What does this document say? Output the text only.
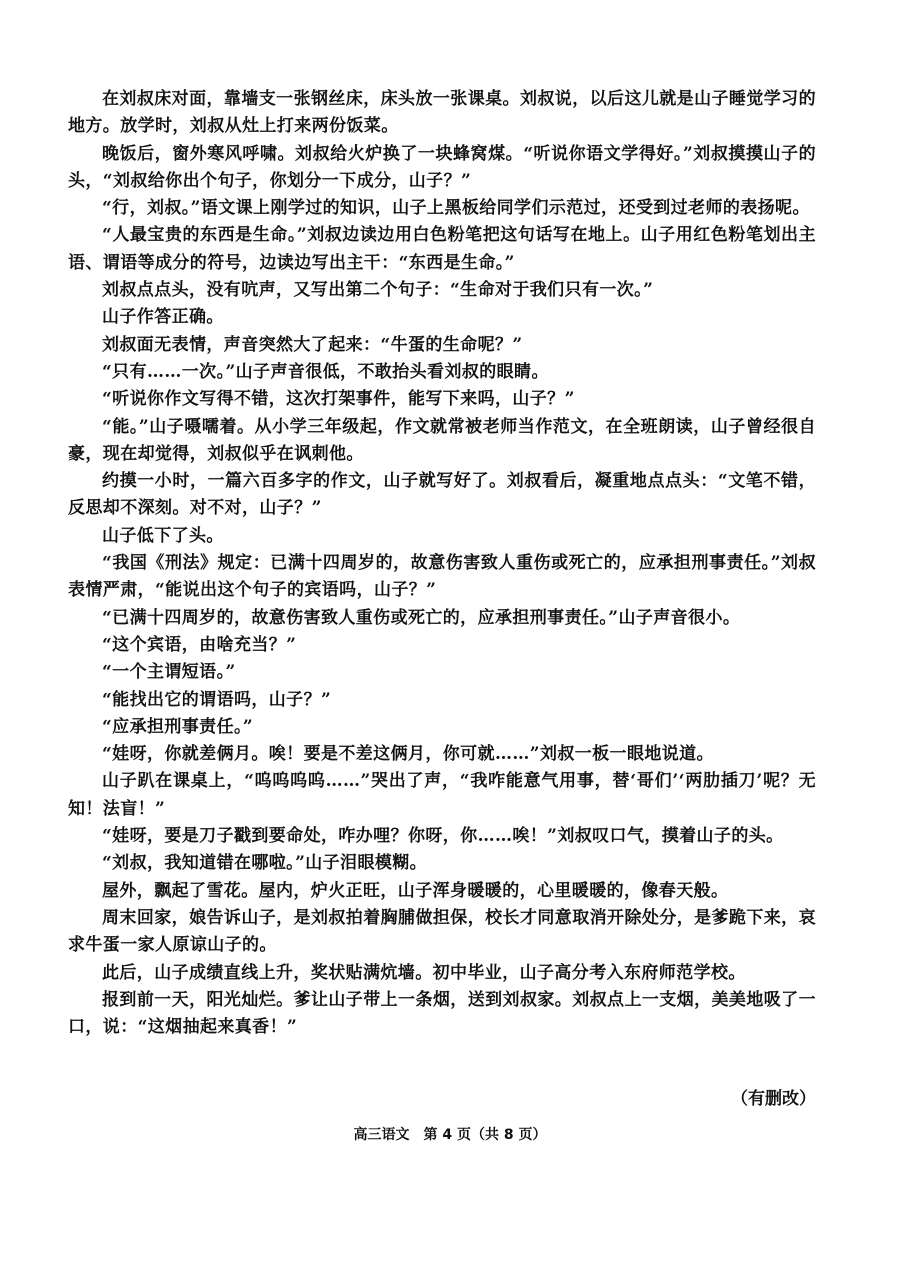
在刘叔床对面，靠墙支一张钢丝床，床头放一张课桌。刘叔说，以后这儿就是山子睡觉学习的地方。放学时，刘叔从灶上打来两份饭菜。

晚饭后，窗外寒风呼啸。刘叔给火炉换了一块蜂窝煤。“听说你语文学得好。”刘叔摸摸山子的头，“刘叔给你出个句子，你划分一下成分，山子？”

“行，刘叔。”语文课上刚学过的知识，山子上黑板给同学们示范过，还受到过老师的表扬呢。

“人最宝贵的东西是生命。”刘叔边读边用白色粉笔把这句话写在地上。山子用红色粉笔划出主语、谓语等成分的符号，边读边写出主干：“东西是生命。”

刘叔点点头，没有吭声，又写出第二个句子：“生命对于我们只有一次。”

山子作答正确。

刘叔面无表情，声音突然大了起来：“牛蛋的生命呢？”

“只有……一次。”山子声音很低，不敢抬头看刘叔的眼睛。

“听说你作文写得不错，这次打架事件，能写下来吗，山子？”

“能。”山子嗫嚅着。从小学三年级起，作文就常被老师当作范文，在全班朗读，山子曾经很自豪，现在却觉得，刘叔似乎在讽刺他。

约摸一小时，一篇六百多字的作文，山子就写好了。刘叔看后，凝重地点点头：“文笔不错，反思却不深刻。对不对，山子？”

山子低下了头。

“我国《刑法》规定：已满十四周岁的，故意伤害致人重伤或死亡的，应承担刑事责任。”刘叔表情严肃，“能说出这个句子的宾语吗，山子？”

“已满十四周岁的，故意伤害致人重伤或死亡的，应承担刑事责任。”山子声音很小。

“这个宾语，由啥充当？”

“一个主谓短语。”

“能找出它的谓语吗，山子？”

“应承担刑事责任。”

“娃呀，你就差俩月。唉！要是不差这俩月，你可就……”刘叔一板一眼地说道。

山子趴在课桌上，“呜呜呜呜……”哭出了声，“我咋能意气用事，替‘哥们’‘两肋插刀’呢？无知！法盲！”

“娃呀，要是刀子戳到要命处，咋办哩？你呀，你……唉！”刘叔叹口气，摸着山子的头。

“刘叔，我知道错在哪啦。”山子泪眼模糊。

屋外，飘起了雪花。屋内，炉火正旺，山子浑身暖暖的，心里暖暖的，像春天般。

周末回家，娘告诉山子，是刘叔拍着胸脯做担保，校长才同意取消开除处分，是爹跪下来，哀求牛蛋一家人原谅山子的。

此后，山子成绩直线上升，奖状贴满炕墙。初中毕业，山子高分考入东府师范学校。

报到前一天，阳光灿烂。爹让山子带上一条烟，送到刘叔家。刘叔点上一支烟，美美地吸了一口，说：“这烟抽起来真香！”

（有删改）

高三语文　第 4 页（共 8 页）
